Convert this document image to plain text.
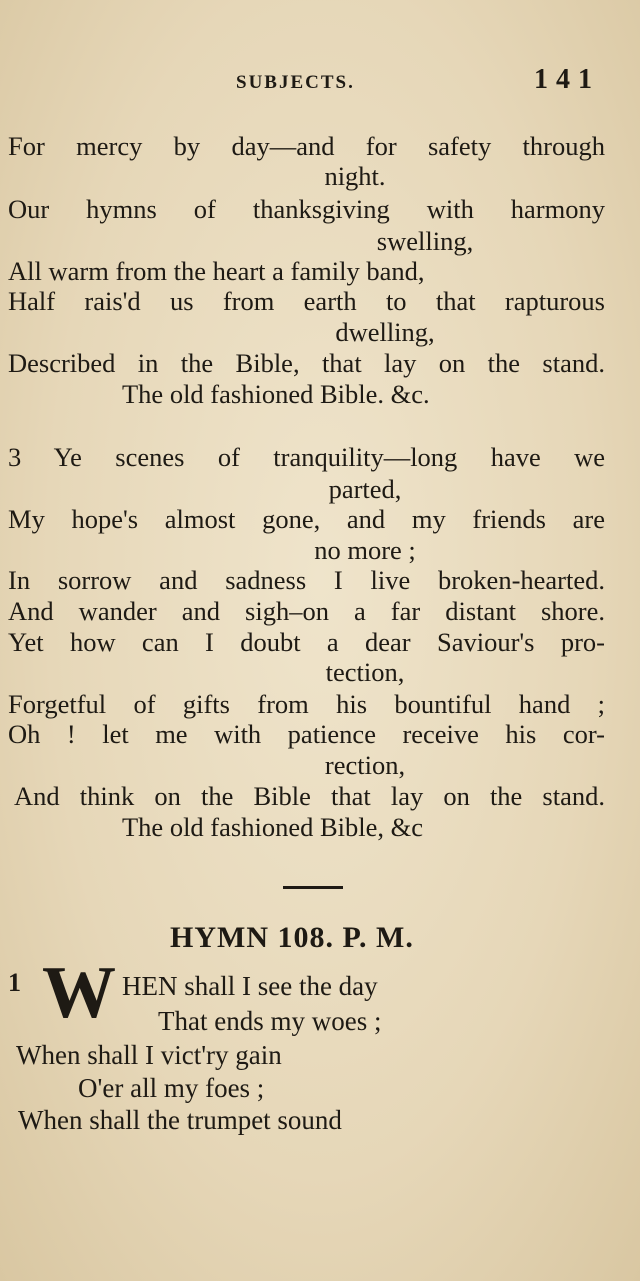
SUBJECTS.	141
For mercy by day—and for safety through
night.
Our hymns of thanksgiving with harmony
swelling,
All warm from the heart a family band,
Half rais'd us from earth to that rapturous
dwelling,
Described in the Bible, that lay on the stand.
The old fashioned Bible. &c.
3 Ye scenes of tranquility—long have we
parted,
My hope's almost gone, and my friends are
no more ;
In sorrow and sadness I live broken-hearted.
And wander and sigh–on a far distant shore.
Yet how can I doubt a dear Saviour's pro-
tection,
Forgetful of gifts from his bountiful hand ;
Oh ! let me with patience receive his cor-
rection,
And think on the Bible that lay on the stand.
The old fashioned Bible, &c
HYMN 108. P. M.
1 W HEN shall I see the day
That ends my woes ;
When shall I vict'ry gain
O'er all my foes ;
When shall the trumpet sound
